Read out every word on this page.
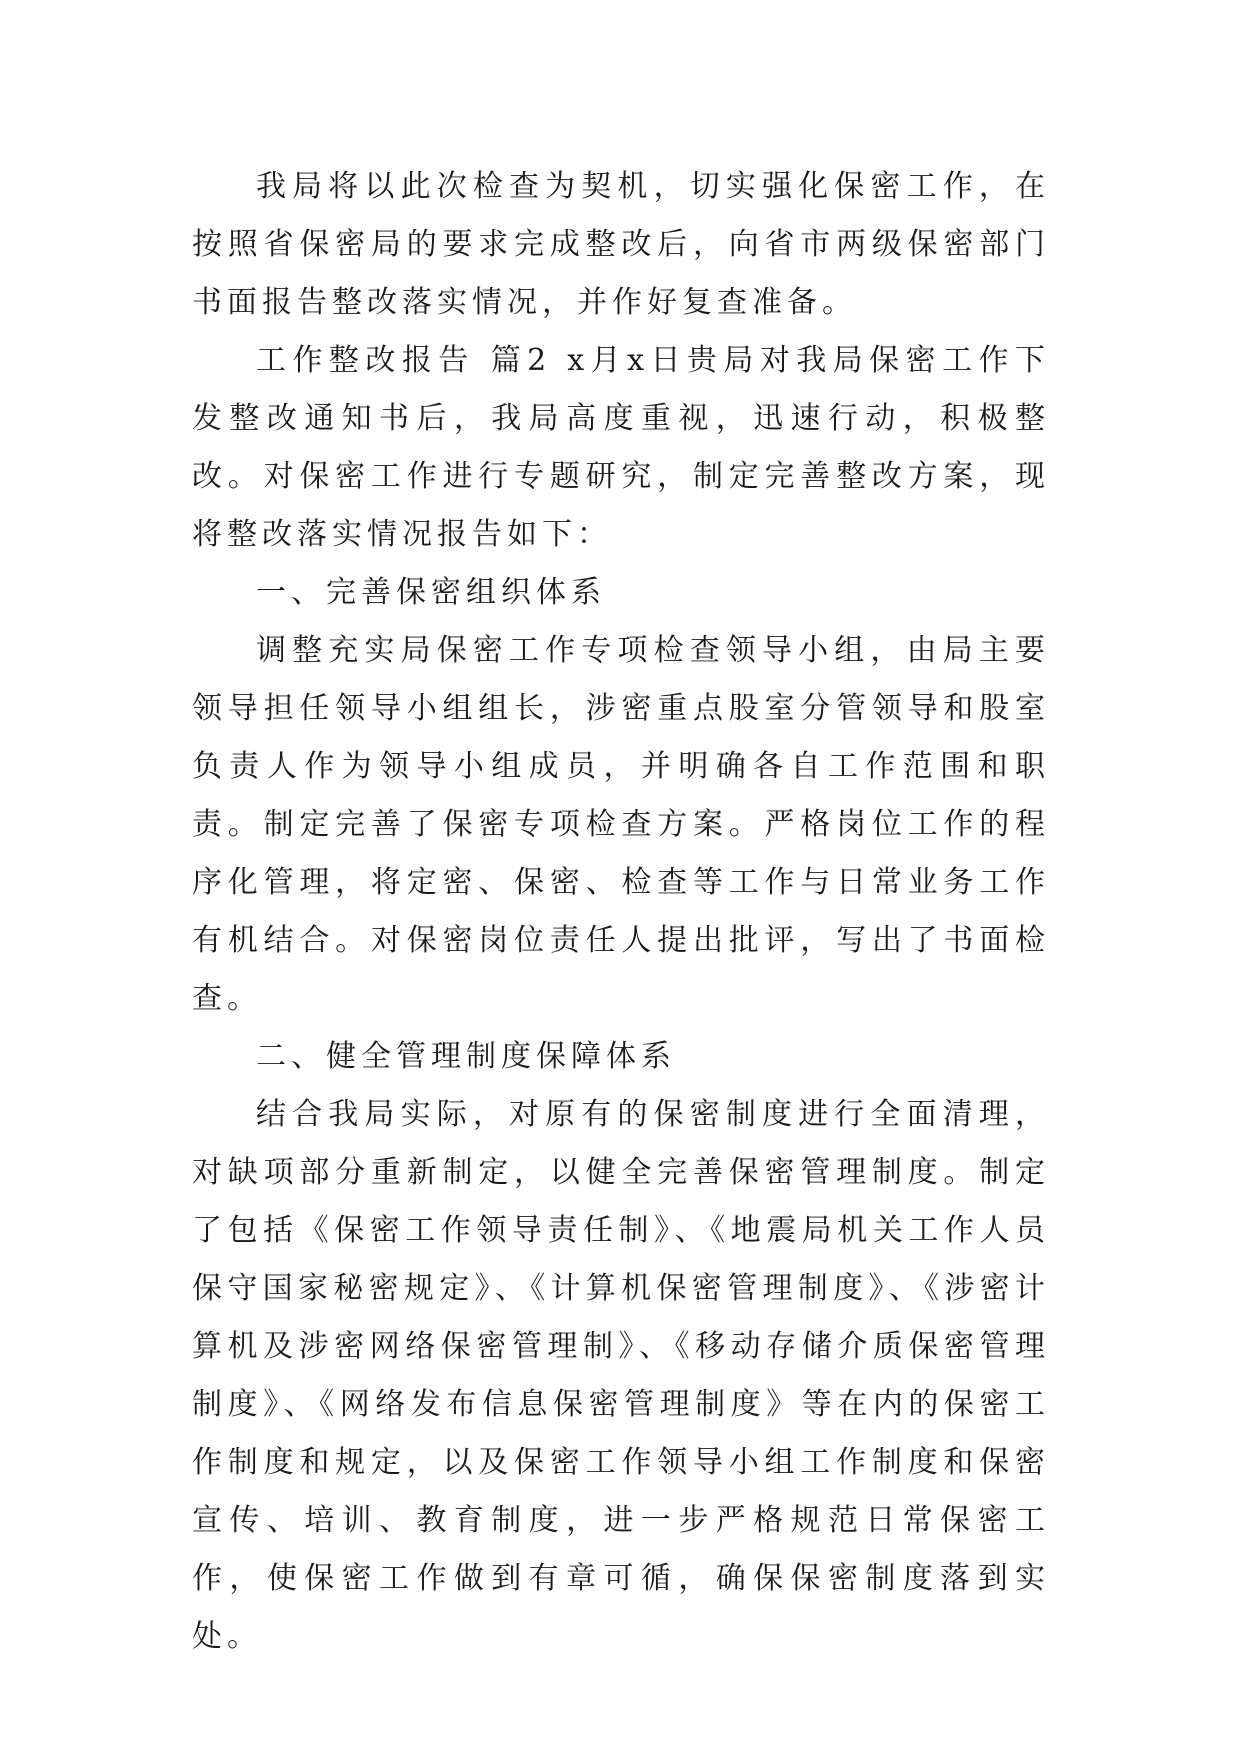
我局将以此次检查为契机，切实强化保密工作，在按照省保密局的要求完成整改后，向省市两级保密部门书面报告整改落实情况，并作好复查准备。

工作整改报告 篇2 x月x日贵局对我局保密工作下发整改通知书后，我局高度重视，迅速行动，积极整改。对保密工作进行专题研究，制定完善整改方案，现将整改落实情况报告如下：

一、完善保密组织体系

调整充实局保密工作专项检查领导小组，由局主要领导担任领导小组组长，涉密重点股室分管领导和股室负责人作为领导小组成员，并明确各自工作范围和职责。制定完善了保密专项检查方案。严格岗位工作的程序化管理，将定密、保密、检查等工作与日常业务工作有机结合。对保密岗位责任人提出批评，写出了书面检查。

二、健全管理制度保障体系

结合我局实际，对原有的保密制度进行全面清理，对缺项部分重新制定，以健全完善保密管理制度。制定了包括《保密工作领导责任制》、《地震局机关工作人员保守国家秘密规定》、《计算机保密管理制度》、《涉密计算机及涉密网络保密管理制》、《移动存储介质保密管理制度》、《网络发布信息保密管理制度》等在内的保密工作制度和规定，以及保密工作领导小组工作制度和保密宣传、培训、教育制度，进一步严格规范日常保密工作，使保密工作做到有章可循，确保保密制度落到实处。
